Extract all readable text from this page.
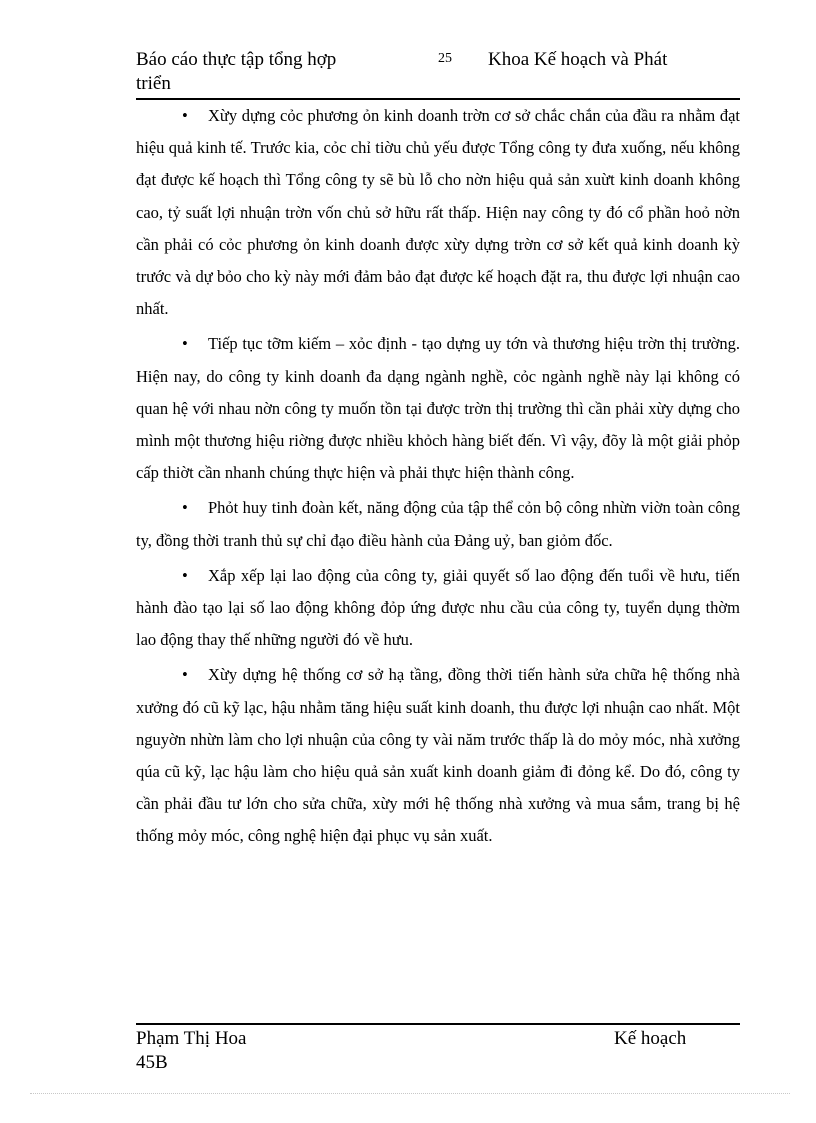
Báo cáo thực tập tổng hợp
triển
25 Khoa Kế hoạch và Phát

• Xừy dựng cỏc phương ỏn kinh doanh trờn cơ sở chắc chắn của đầu ra nhằm đạt hiệu quả kinh tế. Trước kia, cỏc chỉ tiờu chủ yếu được Tổng công ty đưa xuống, nếu không đạt được kế hoạch thì Tổng công ty sẽ bù lỗ cho nờn hiệu quả sản xuừt kinh doanh không cao, tỷ suất lợi nhuận trờn vốn chủ sở hữu rất thấp. Hiện nay công ty đó cổ phần hoỏ nờn cần phải có cỏc phương ỏn kinh doanh được xừy dựng trờn cơ sở kết quả kinh doanh kỳ trước và dự bỏo cho kỳ này mới đảm bảo đạt được kế hoạch đặt ra, thu được lợi nhuận cao nhất.

• Tiếp tục tỡm kiếm – xỏc định - tạo dựng uy tớn và thương hiệu trờn thị trường. Hiện nay, do công ty kinh doanh đa dạng ngành nghề, cỏc ngành nghề này lại không có quan hệ với nhau nờn công ty muốn tồn tại được trờn thị trường thì cần phải xừy dựng cho mình một thương hiệu riờng được nhiều khỏch hàng biết đến. Vì vậy, đõy là một giải phỏp cấp thiờt cần nhanh chúng thực hiện và phải thực hiện thành công.

• Phỏt huy tinh đoàn kết, năng động của tập thể cỏn bộ công nhừn viờn toàn công ty, đồng thời tranh thủ sự chỉ đạo điều hành của Đảng uỷ, ban giỏm đốc.

• Xắp xếp lại lao động của công ty, giải quyết số lao động đến tuổi về hưu, tiến hành đào tạo lại số lao động không đỏp ứng được nhu cầu của công ty, tuyển dụng thờm lao động thay thế những người đó về hưu.

• Xừy dựng hệ thống cơ sở hạ tầng, đồng thời tiến hành sửa chữa hệ thống nhà xưởng đó cũ kỹ lạc, hậu nhằm tăng hiệu suất kinh doanh, thu được lợi nhuận cao nhất. Một nguyờn nhừn làm cho lợi nhuận của công ty vài năm trước thấp là do mỏy móc, nhà xưởng qúa cũ kỹ, lạc hậu làm cho hiệu quả sản xuất kinh doanh giảm đi đỏng kể. Do đó, công ty cần phải đầu tư lớn cho sửa chữa, xừy mới hệ thống nhà xưởng và mua sắm, trang bị hệ thống mỏy móc, công nghệ hiện đại phục vụ sản xuất.

Phạm Thị Hoa
45B
Kế hoạch
